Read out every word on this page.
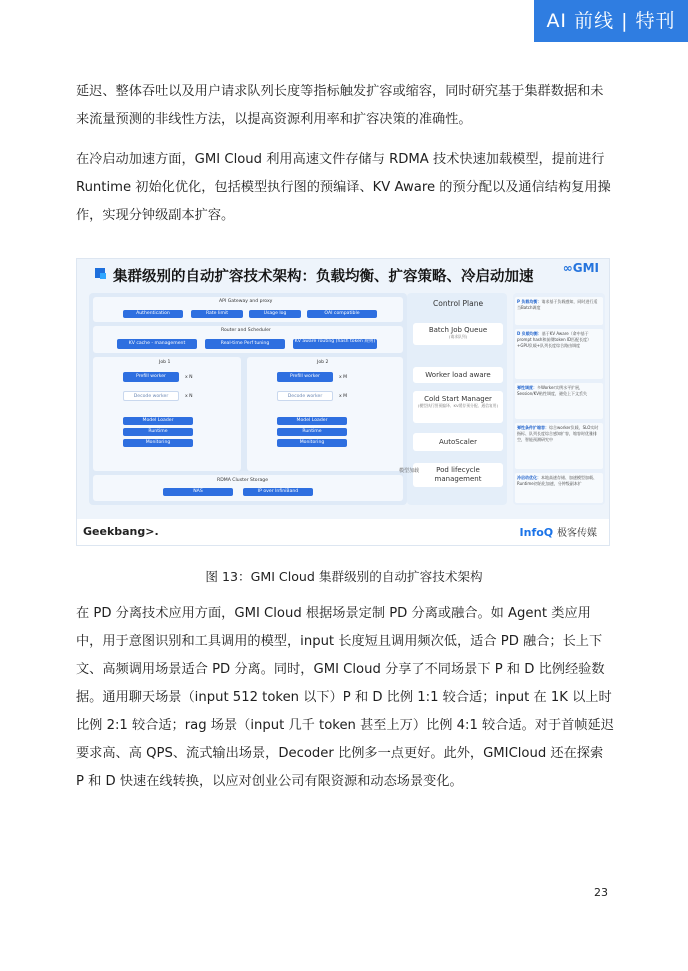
AI 前线 | 特刊

延迟、整体吞吐以及用户请求队列长度等指标触发扩容或缩容，同时研究基于集群数据和未来流量预测的非线性方法，以提高资源利用率和扩容决策的准确性。

在冷启动加速方面，GMI Cloud 利用高速文件存储与 RDMA 技术快速加载模型，提前进行 Runtime 初始化优化，包括模型执行图的预编译、KV Aware 的预分配以及通信结构复用操作，实现分钟级副本扩容。

集群级别的自动扩容技术架构：负载均衡、扩容策略、冷启动加速
∞GMI
API Gateway and proxy
Authentication	Rate limit	Usage log	OAI compatible
Router and Scheduler
KV cache - management	Real-time Perf tuning	KV aware routing (hash token 规则)
Job 1
Prefill worker	x N
Decode worker	x N
Model Loader
Runtime
Monitoring
Job 2
Prefill worker	x M
Decode worker	x M
Model Loader
Runtime
Monitoring
RDMA Cluster Storage
NAS	IP over InfiniBand
Control Plane
Batch Job Queue
(请求队列)
Worker load aware
Cold Start Manager
(模型执行图预编译、KV缓存预分配、通信复用)
AutoScaler
Pod lifecycle management
模型加载
P 负载均衡：请求基于负载感知，同时进行适当Batch调度
D 负载均衡：基于KV Aware（命中基于prompt hash和前缀token ID匹配长度）+GPU负载+队列长度综合路由调度
弹性调度：多Worker实例水平扩展，Session/KV粘性调度，避免上下文丢失
弹性条件扩缩容：综合worker负载、SLO实时指标、队列长度综合感知扩容，缩容时优雅排空，智能预测研究中
冷启动优化：本地高速存储、加速模型加载、Runtime初始化加速，分钟级副本扩
Geekbang>.	InfoQ 极客传媒
图 13：GMI Cloud 集群级别的自动扩容技术架构

在 PD 分离技术应用方面，GMI Cloud 根据场景定制 PD 分离或融合。如 Agent 类应用中，用于意图识别和工具调用的模型，input 长度短且调用频次低，适合 PD 融合；长上下文、高频调用场景适合 PD 分离。同时，GMI Cloud 分享了不同场景下 P 和 D 比例经验数据。通用聊天场景（input 512 token 以下）P 和 D 比例 1:1 较合适；input 在 1K 以上时比例 2:1 较合适；rag 场景（input 几千 token 甚至上万）比例 4:1 较合适。对于首帧延迟要求高、高 QPS、流式输出场景，Decoder 比例多一点更好。此外，GMICloud 还在探索 P 和 D 快速在线转换，以应对创业公司有限资源和动态场景变化。

23
